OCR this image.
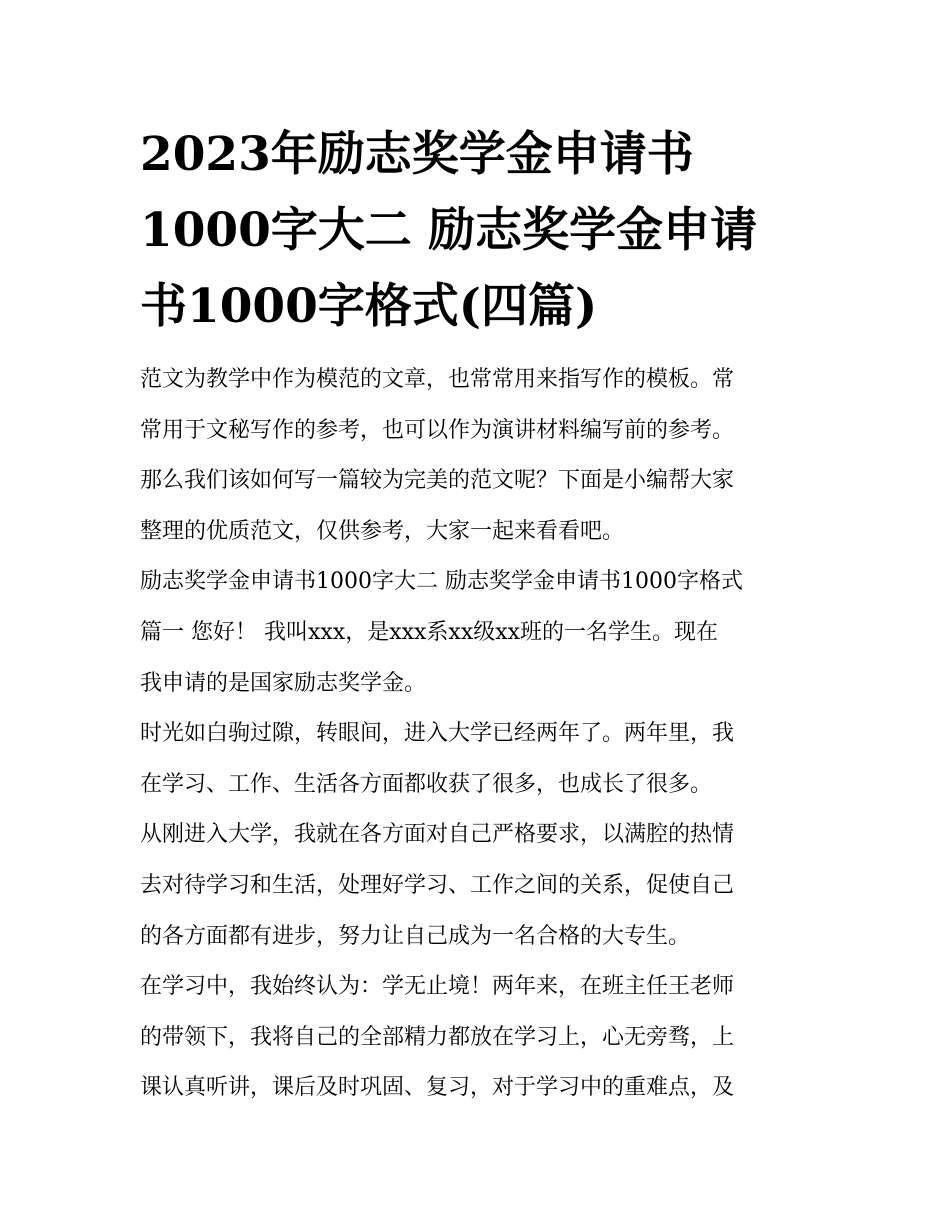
2023年励志奖学金申请书
1000字大二 励志奖学金申请
书1000字格式(四篇)
范文为教学中作为模范的文章，也常常用来指写作的模板。常
常用于文秘写作的参考，也可以作为演讲材料编写前的参考。
那么我们该如何写一篇较为完美的范文呢？下面是小编帮大家
整理的优质范文，仅供参考，大家一起来看看吧。
励志奖学金申请书1000字大二 励志奖学金申请书1000字格式
篇一 您好！ 我叫xxx，是xxx系xx级xx班的一名学生。现在
我申请的是国家励志奖学金。
时光如白驹过隙，转眼间，进入大学已经两年了。两年里，我
在学习、工作、生活各方面都收获了很多，也成长了很多。
从刚进入大学，我就在各方面对自己严格要求，以满腔的热情
去对待学习和生活，处理好学习、工作之间的关系，促使自己
的各方面都有进步，努力让自己成为一名合格的大专生。
在学习中，我始终认为：学无止境！两年来，在班主任王老师
的带领下，我将自己的全部精力都放在学习上，心无旁骛，上
课认真听讲，课后及时巩固、复习，对于学习中的重难点，及
